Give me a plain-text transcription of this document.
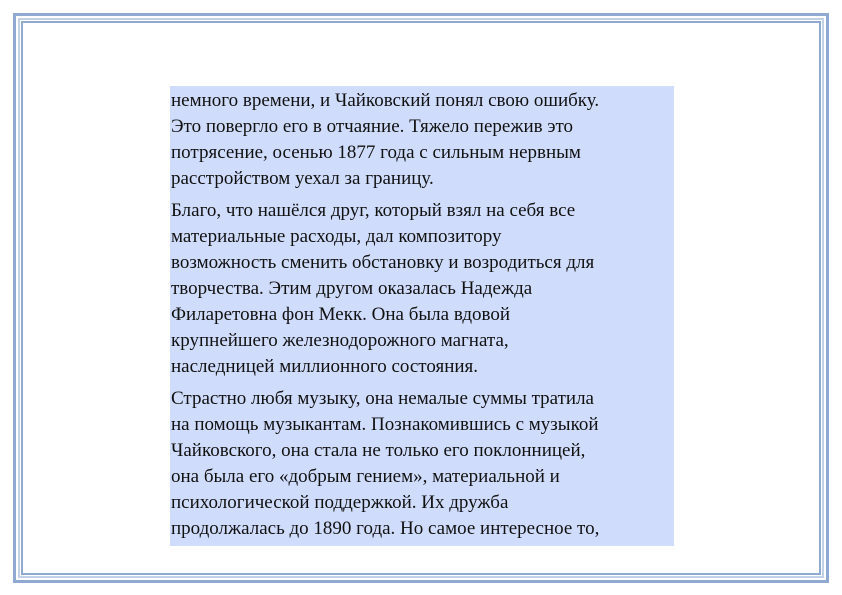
немного времени, и Чайковский понял свою ошибку.
Это повергло его в отчаяние. Тяжело пережив это
потрясение, осенью 1877 года с сильным нервным
расстройством уехал за границу.

Благо, что нашёлся друг, который взял на себя все
материальные расходы, дал композитору
возможность сменить обстановку и возродиться для
творчества. Этим другом оказалась Надежда
Филаретовна фон Мекк. Она была вдовой
крупнейшего железнодорожного магната,
наследницей миллионного состояния.

Страстно любя музыку, она немалые суммы тратила
на помощь музыкантам. Познакомившись с музыкой
Чайковского, она стала не только его поклонницей,
она была его «добрым гением», материальной и
психологической поддержкой. Их дружба
продолжалась до 1890 года. Но самое интересное то,
